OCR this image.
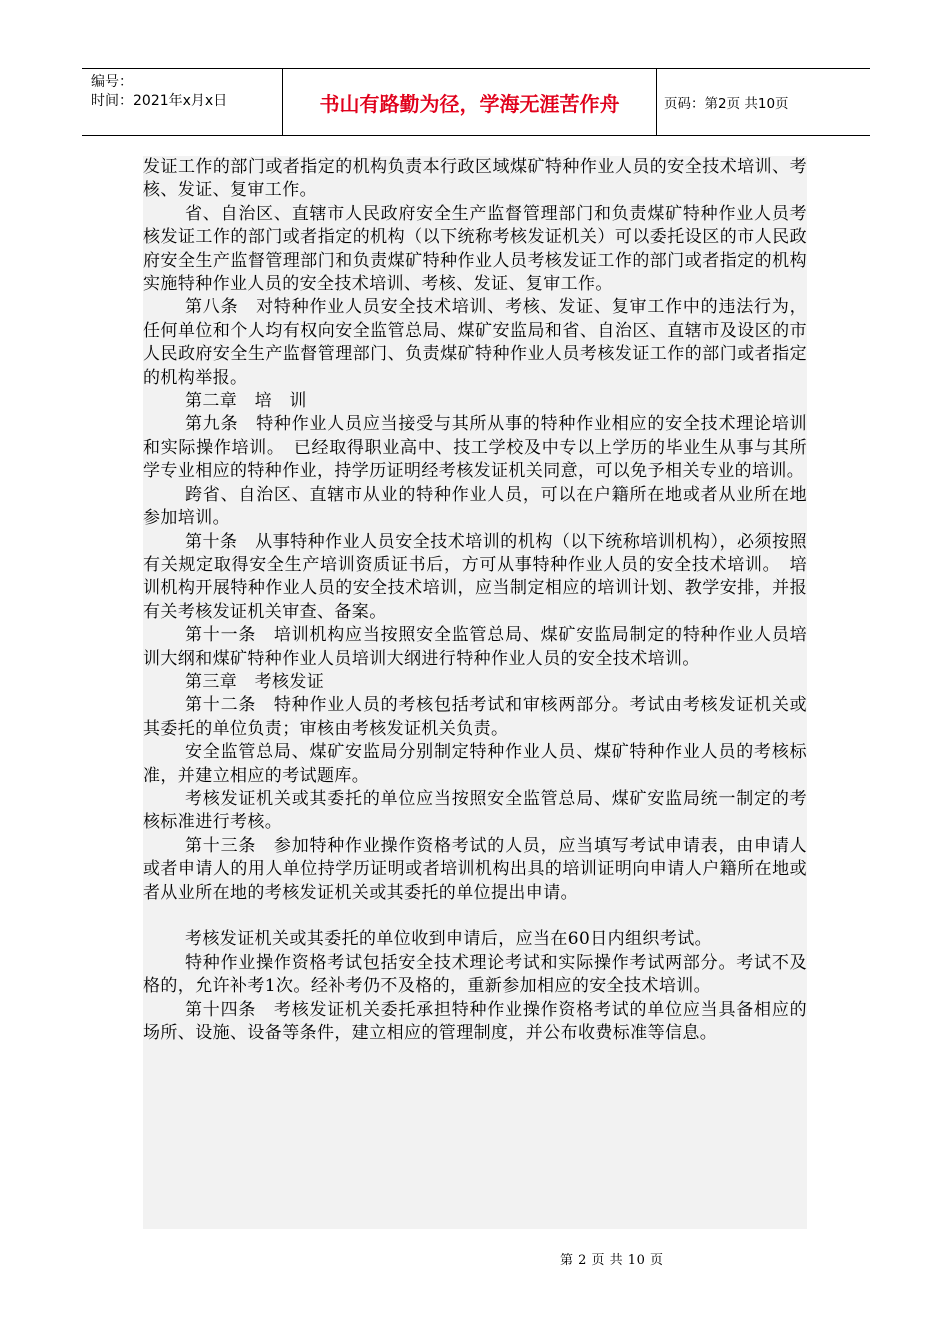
编号：
时间：2021年x月x日	书山有路勤为径，学海无涯苦作舟	页码：第2页 共10页

发证工作的部门或者指定的机构负责本行政区域煤矿特种作业人员的安全技术培训、考核、发证、复审工作。

省、自治区、直辖市人民政府安全生产监督管理部门和负责煤矿特种作业人员考核发证工作的部门或者指定的机构（以下统称考核发证机关）可以委托设区的市人民政府安全生产监督管理部门和负责煤矿特种作业人员考核发证工作的部门或者指定的机构实施特种作业人员的安全技术培训、考核、发证、复审工作。

第八条　对特种作业人员安全技术培训、考核、发证、复审工作中的违法行为，任何单位和个人均有权向安全监管总局、煤矿安监局和省、自治区、直辖市及设区的市人民政府安全生产监督管理部门、负责煤矿特种作业人员考核发证工作的部门或者指定的机构举报。

第二章　培　训

第九条　特种作业人员应当接受与其所从事的特种作业相应的安全技术理论培训和实际操作培训。　已经取得职业高中、技工学校及中专以上学历的毕业生从事与其所学专业相应的特种作业，持学历证明经考核发证机关同意，可以免予相关专业的培训。

跨省、自治区、直辖市从业的特种作业人员，可以在户籍所在地或者从业所在地参加培训。

第十条　从事特种作业人员安全技术培训的机构（以下统称培训机构），必须按照有关规定取得安全生产培训资质证书后，方可从事特种作业人员的安全技术培训。　培训机构开展特种作业人员的安全技术培训，应当制定相应的培训计划、教学安排，并报有关考核发证机关审查、备案。

第十一条　培训机构应当按照安全监管总局、煤矿安监局制定的特种作业人员培训大纲和煤矿特种作业人员培训大纲进行特种作业人员的安全技术培训。

第三章　考核发证

第十二条　特种作业人员的考核包括考试和审核两部分。考试由考核发证机关或其委托的单位负责；审核由考核发证机关负责。

安全监管总局、煤矿安监局分别制定特种作业人员、煤矿特种作业人员的考核标准，并建立相应的考试题库。

考核发证机关或其委托的单位应当按照安全监管总局、煤矿安监局统一制定的考核标准进行考核。

第十三条　参加特种作业操作资格考试的人员，应当填写考试申请表，由申请人或者申请人的用人单位持学历证明或者培训机构出具的培训证明向申请人户籍所在地或者从业所在地的考核发证机关或其委托的单位提出申请。

考核发证机关或其委托的单位收到申请后，应当在60日内组织考试。

特种作业操作资格考试包括安全技术理论考试和实际操作考试两部分。考试不及格的，允许补考1次。经补考仍不及格的，重新参加相应的安全技术培训。

第十四条　考核发证机关委托承担特种作业操作资格考试的单位应当具备相应的场所、设施、设备等条件，建立相应的管理制度，并公布收费标准等信息。

第 2 页 共 10 页
